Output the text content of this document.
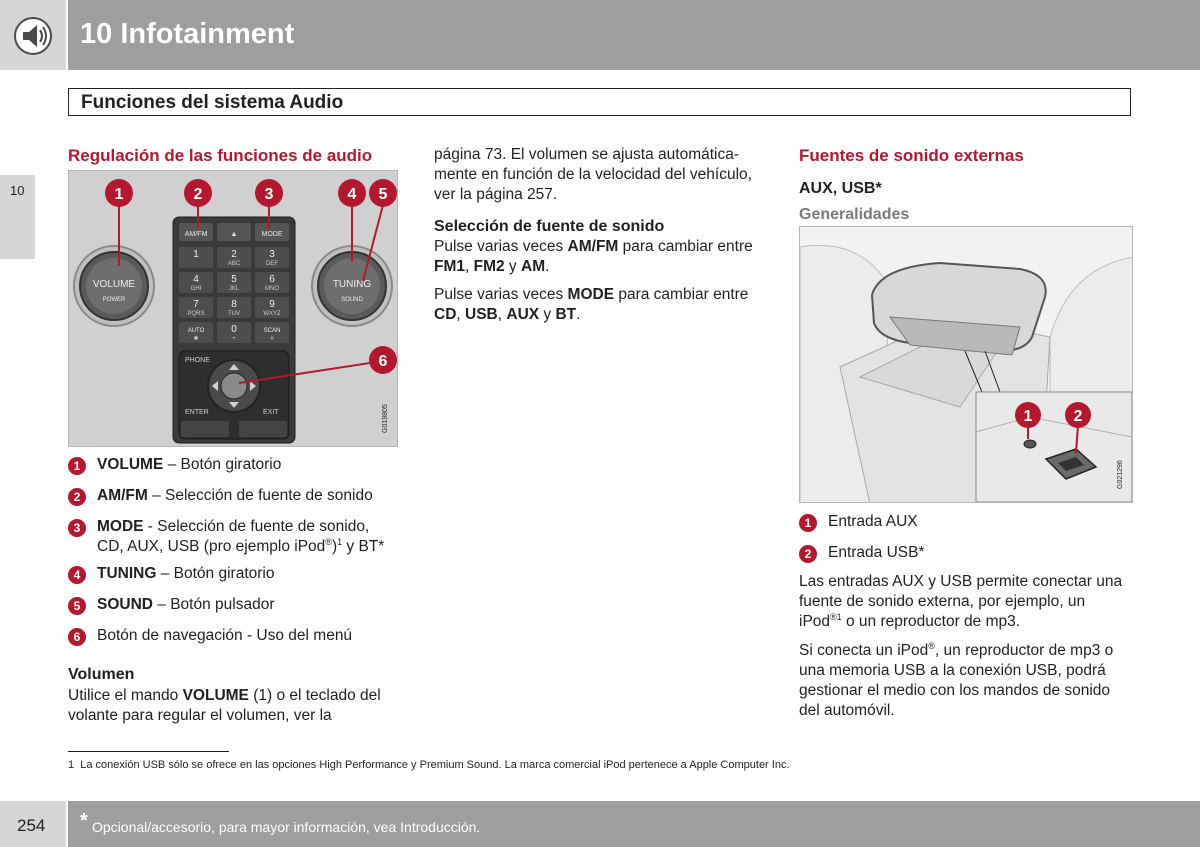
10 Infotainment
10
Funciones del sistema Audio
Regulación de las funciones de audio
AM/FM	▲	MODE
1	2
ABC
3
DEF
4
GHI
5
JKL
6
MNO
7
PQRS
8
TUV
9
WXYZ
AUTO
✱
0
+
SCAN
#
PHONE
ENTER	EXIT
VOLUME
POWER
TUNING
SOUND
1	2	3	4 5
6
G019805
1	VOLUME – Botón giratorio
2	AM/FM – Selección de fuente de sonido
3	MODE - Selección de fuente de sonido,
CD, AUX, USB (pro ejemplo iPod®)$^1$ y BT*
4	TUNING – Botón giratorio
5	SOUND – Botón pulsador
6	Botón de navegación - Uso del menú
Volumen
Utilice el mando VOLUME (1) o el teclado del
volante para regular el volumen, ver la
página 73. El volumen se ajusta automática-
mente en función de la velocidad del vehículo,
ver la página 257.
Selección de fuente de sonido
Pulse varias veces AM/FM para cambiar entre
FM1, FM2 y AM.
Pulse varias veces MODE para cambiar entre
CD, USB, AUX y BT.
Fuentes de sonido externas
AUX, USB*
Generalidades
1	2
G021296
1	Entrada AUX
2	Entrada USB*
Las entradas AUX y USB permite conectar una
fuente de sonido externa, por ejemplo, un
iPod$^{®1}$ o un reproductor de mp3.
Si conecta un iPod®, un reproductor de mp3 o
una memoria USB a la conexión USB, podrá
gestionar el medio con los mandos de sonido
del automóvil.
1 La conexión USB sólo se ofrece en las opciones High Performance y Premium Sound. La marca comercial iPod pertenece a Apple Computer Inc.
254 * Opcional/accesorio, para mayor información, vea Introducción.
